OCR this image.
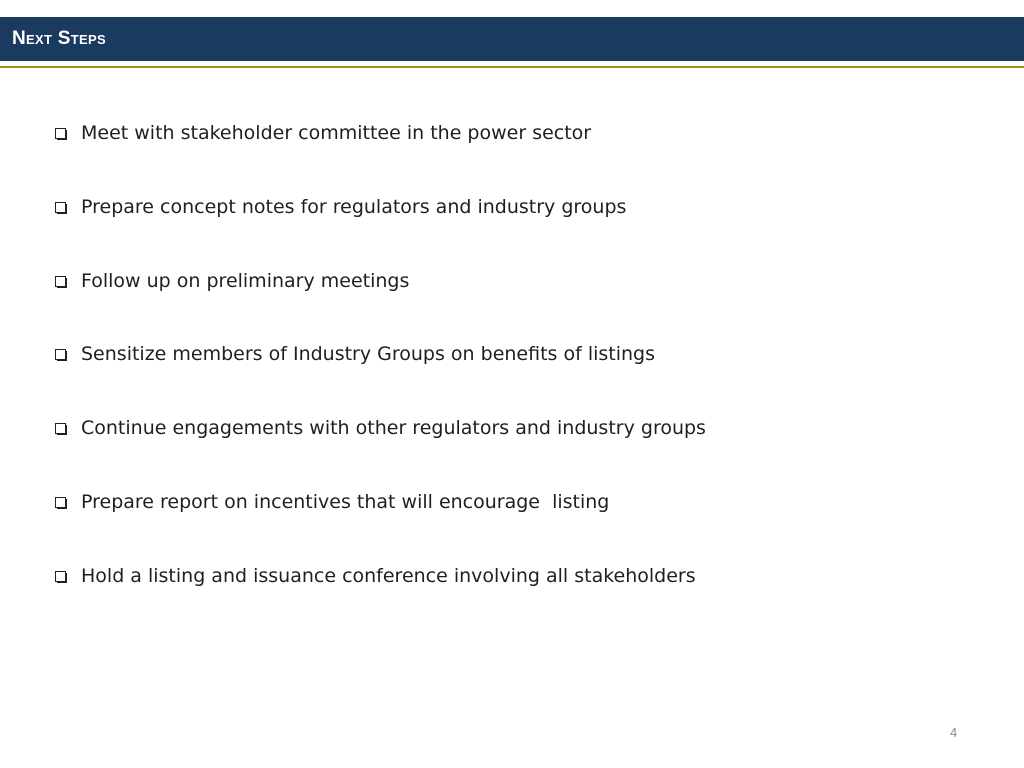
Next Steps
Meet with stakeholder committee in the power sector
Prepare concept notes for regulators and industry groups
Follow up on preliminary meetings
Sensitize members of Industry Groups on benefits of listings
Continue engagements with other regulators and industry groups
Prepare report on incentives that will encourage  listing
Hold a listing and issuance conference involving all stakeholders
4
